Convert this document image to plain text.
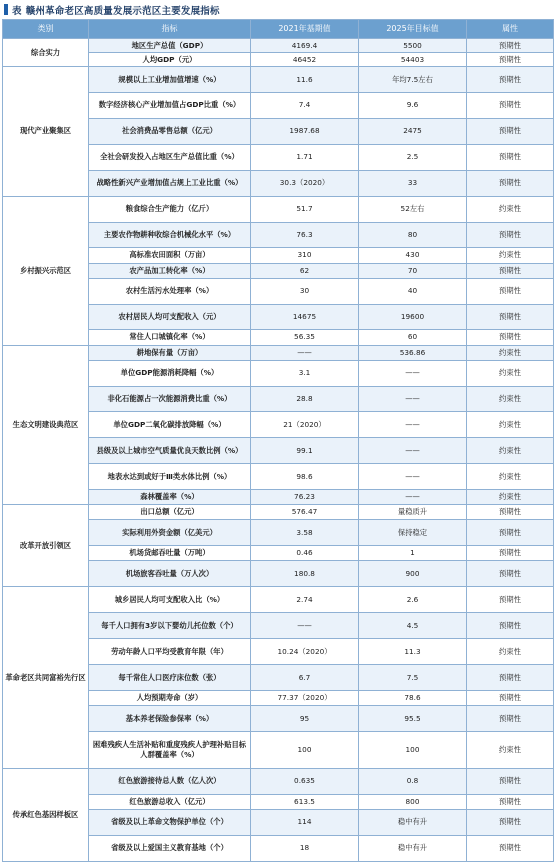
表 赣州革命老区高质量发展示范区主要发展指标
类别	指标	2021年基期值	2025年目标值	属性
综合实力	地区生产总值（GDP）	4169.4	5500	预期性
	人均GDP（元）	46452	54403	预期性
现代产业聚集区	规模以上工业增加值增速（%）	11.6	年均7.5左右	预期性
	数字经济核心产业增加值占GDP比重（%）	7.4	9.6	预期性
	社会消费品零售总额（亿元）	1987.68	2475	预期性
	全社会研发投入占地区生产总值比重（%）	1.71	2.5	预期性
	战略性新兴产业增加值占规上工业比重（%）	30.3（2020）	33	预期性
乡村振兴示范区	粮食综合生产能力（亿斤）	51.7	52左右	约束性
	主要农作物耕种收综合机械化水平（%）	76.3	80	预期性
	高标准农田面积（万亩）	310	430	约束性
	农产品加工转化率（%）	62	70	预期性
	农村生活污水处理率（%）	30	40	预期性
	农村居民人均可支配收入（元）	14675	19600	预期性
	常住人口城镇化率（%）	56.35	60	预期性
生态文明建设典范区	耕地保有量（万亩）	——	536.86	约束性
	单位GDP能源消耗降幅（%）	3.1	——	约束性
	非化石能源占一次能源消费比重（%）	28.8	——	约束性
	单位GDP二氧化碳排放降幅（%）	21（2020）	——	约束性
	县级及以上城市空气质量优良天数比例（%）	99.1	——	约束性
	地表水达到或好于Ⅲ类水体比例（%）	98.6	——	约束性
	森林覆盖率（%）	76.23	——	约束性
改革开放引领区	出口总额（亿元）	576.47	量稳质升	预期性
	实际利用外资金额（亿美元）	3.58	保持稳定	预期性
	机场货邮吞吐量（万吨）	0.46	1	预期性
	机场旅客吞吐量（万人次）	180.8	900	预期性
革命老区共同富裕先行区	城乡居民人均可支配收入比（%）	2.74	2.6	预期性
	每千人口拥有3岁以下婴幼儿托位数（个）	——	4.5	预期性
	劳动年龄人口平均受教育年限（年）	10.24（2020）	11.3	约束性
	每千常住人口医疗床位数（张）	6.7	7.5	预期性
	人均预期寿命（岁）	77.37（2020）	78.6	预期性
	基本养老保险参保率（%）	95	95.5	预期性
	困难残疾人生活补贴和重度残疾人护理补贴目标人群覆盖率（%）	100	100	约束性
传承红色基因样板区	红色旅游接待总人数（亿人次）	0.635	0.8	预期性
	红色旅游总收入（亿元）	613.5	800	预期性
	省级及以上革命文物保护单位（个）	114	稳中有升	预期性
	省级及以上爱国主义教育基地（个）	18	稳中有升	预期性
